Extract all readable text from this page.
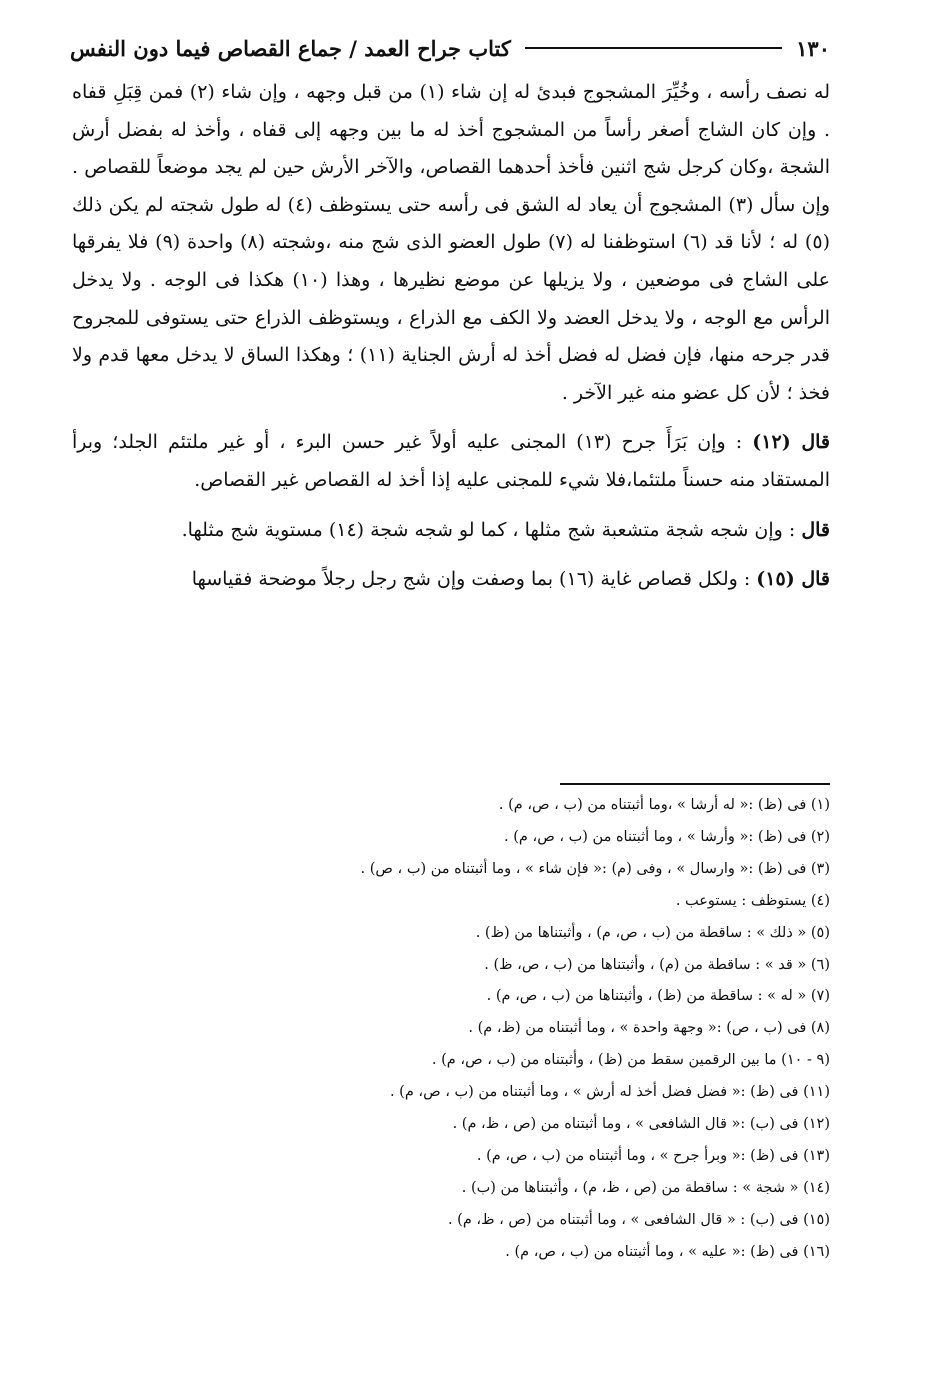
١٣٠
كتاب جراح العمد / جماع القصاص فيما دون النفس

له نصف رأسه ، وخُيِّرَ المشجوج فبدئ له إن شاء (١) من قبل وجهه ، وإن شاء (٢) فمن قِبَلِ قفاه . وإن كان الشاج أصغر رأساً من المشجوج أخذ له ما بين وجهه إلى قفاه ، وأخذ له بفضل أرش الشجة ،وكان كرجل شج اثنين فأخذ أحدهما القصاص، والآخر الأرش حين لم يجد موضعاً للقصاص . وإن سأل (٣) المشجوج أن يعاد له الشق فى رأسه حتى يستوظف (٤) له طول شجته لم يكن ذلك (٥) له ؛ لأنا قد (٦) استوظفنا له (٧) طول العضو الذى شج منه ،وشجته (٨) واحدة (٩) فلا يفرقها على الشاج فى موضعين ، ولا يزيلها عن موضع نظيرها ، وهذا (١٠) هكذا فى الوجه . ولا يدخل الرأس مع الوجه ، ولا يدخل العضد ولا الكف مع الذراع ، ويستوظف الذراع حتى يستوفى للمجروح قدر جرحه منها، فإن فضل له فضل أخذ له أرش الجناية (١١) ؛ وهكذا الساق لا يدخل معها قدم ولا فخذ ؛ لأن كل عضو منه غير الآخر .

قال (١٢) : وإن بَرَأَ جرح (١٣) المجنى عليه أولاً غير حسن البرء ، أو غير ملتئم الجلد؛ وبرأ المستقاد منه حسناً ملتئما،فلا شيء للمجنى عليه إذا أخذ له القصاص غير القصاص.

قال : وإن شجه شجة متشعبة شج مثلها ، كما لو شجه شجة (١٤) مستوية شج مثلها.

قال (١٥) : ولكل قصاص غاية (١٦) بما وصفت وإن شج رجل رجلاً موضحة فقياسها

(١) فى (ظ) :« له أرشا » ،وما أثبتناه من (ب ، ص، م) .
(٢) فى (ظ) :« وأرشا » ، وما أثبتناه من (ب ، ص، م) .
(٣) فى (ظ) :« وارسال » ، وفى (م) :« فإن شاء » ، وما أثبتناه من (ب ، ص) .
(٤) يستوظف : يستوعب .
(٥) « ذلك » : ساقطة من (ب ، ص، م) ، وأثبتناها من (ظ) .
(٦) « قد » : ساقطة من (م) ، وأثبتناها من (ب ، ص، ظ) .
(٧) « له » : ساقطة من (ظ) ، وأثبتناها من (ب ، ص، م) .
(٨) فى (ب ، ص) :« وجهة واحدة » ، وما أثبتناه من (ظ، م) .
(٩ - ١٠) ما بين الرقمين سقط من (ظ) ، وأثبتناه من (ب ، ص، م) .
(١١) فى (ظ) :« فضل فضل أخذ له أرش » ، وما أثبتناه من (ب ، ص، م) .
(١٢) فى (ب) :« قال الشافعى » ، وما أثبتناه من (ص ، ظ، م) .
(١٣) فى (ظ) :« وبرأ جرح » ، وما أثبتناه من (ب ، ص، م) .
(١٤) « شجة » : ساقطة من (ص ، ظ، م) ، وأثبتناها من (ب) .
(١٥) فى (ب) : « قال الشافعى » ، وما أثبتناه من (ص ، ظ، م) .
(١٦) فى (ظ) :« عليه » ، وما أثبتناه من (ب ، ص، م) .
